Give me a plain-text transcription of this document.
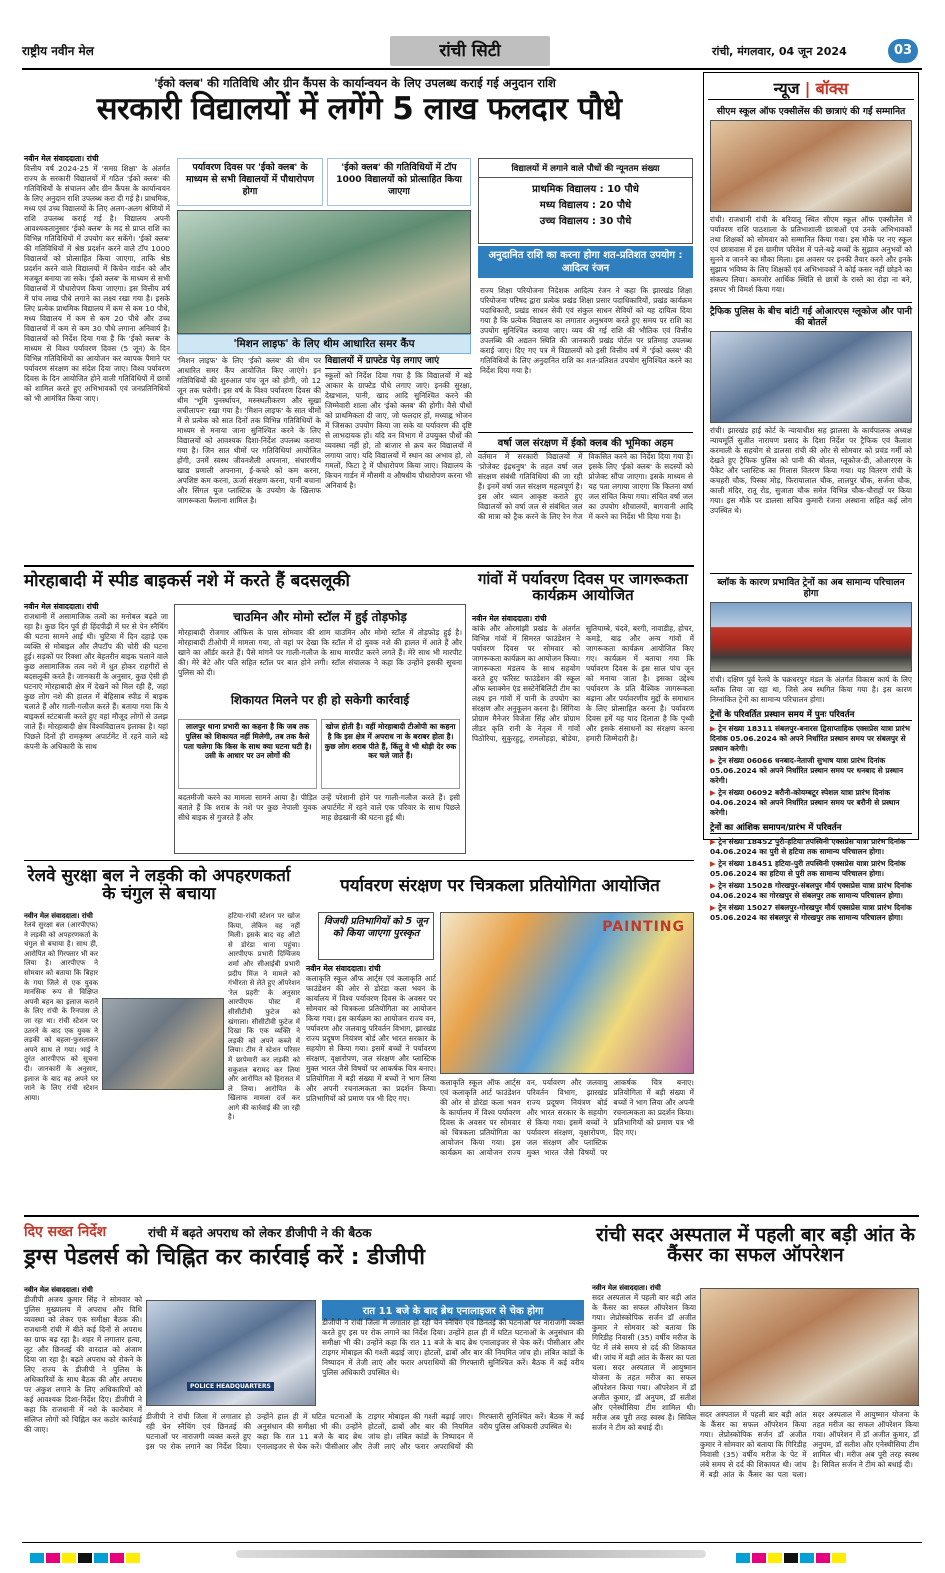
राष्ट्रीय नवीन मेल	रांची सिटी	रांची, मंगलवार, 04 जून 2024	03
'ईको क्लब' की गतिविधि और ग्रीन कैंपस के कार्यान्वयन के लिए उपलब्ध कराई गई अनुदान राशि
सरकारी विद्यालयों में लगेंगे 5 लाख फलदार पौधे
नवीन मेल संवाददाता। रांची
वित्तीय वर्ष 2024-25 में 'समग्र शिक्षा' के अंतर्गत राज्य के सरकारी विद्यालयों में गठित 'ईको क्लब' की गतिविधियों के संचालन और ग्रीन कैंपस के कार्यान्वयन के लिए अनुदान राशि उपलब्ध करा दी गई है। प्राथमिक, मध्य एवं उच्च विद्यालयों के लिए अलग-अलग श्रेणियों में राशि उपलब्ध कराई गई है। विद्यालय अपनी आवश्यकतानुसार 'ईको क्लब' के मद से प्राप्त राशि का विभिन्न गतिविधियों में उपयोग कर सकेंगे। 'ईको क्लब' की गतिविधियों में श्रेष्ठ प्रदर्शन करने वाले टॉप 1000 विद्यालयों को प्रोत्साहित किया जाएगा, ताकि श्रेष्ठ प्रदर्शन करने वाले विद्यालयों में किचेन गार्डन को और मजबूत बनाया जा सके। 'ईको क्लब' के माध्यम से सभी विद्यालयों में पौधारोपण किया जाएगा। इस वित्तीय वर्ष में पांच लाख पौधे लगाने का लक्ष्य रखा गया है। इसके लिए प्रत्येक प्राथमिक विद्यालय में कम से कम 10 पौधे, मध्य विद्यालय में कम से कम 20 पौधे और उच्च विद्यालयों में कम से कम 30 पौधे लगाना अनिवार्य है। विद्यालयों को निर्देश दिया गया है कि 'ईको क्लब' के माध्यम से विश्व पर्यावरण दिवस (5 जून) के दिन विभिन्न गतिविधियों का आयोजन कर व्यापक पैमाने पर पर्यावरण संरक्षण का संदेश दिया जाए। विश्व पर्यावरण दिवस के दिन आयोजित होने वाली गतिविधियों में छात्रों को शामिल करते हुए अभिभावकों एवं जनप्रतिनिधियों को भी आमंत्रित किया जाए।
पर्यावरण दिवस पर 'ईको क्लब' के माध्यम से सभी विद्यालयों में पौधारोपण होगा
'ईको क्लब' की गतिविधियों में टॉप 1000 विद्यालयों को प्रोत्साहित किया जाएगा
'मिशन लाइफ' के लिए थीम आधारित समर कैंप
'मिशन लाइफ' के लिए 'ईको क्लब' की थीम पर आधारित समर कैंप आयोजित किए जाएंगे। इन गतिविधियों की शुरुआत पांच जून को होगी, जो 12 जून तक चलेगी। इस वर्ष के विश्व पर्यावरण दिवस की थीम 'भूमि पुनर्स्थापन, मरुस्थलीकरण और सूखा लचीलापन' रखा गया है। 'मिशन लाइफ' के सात थीमों में से प्रत्येक को सात दिनों तक विभिन्न गतिविधियों के माध्यम से मनाया जाना सुनिश्चित करने के लिए विद्यालयों को आवश्यक दिशा-निर्देश उपलब्ध कराया गया है। जिन सात थीमों पर गतिविधियां आयोजित होंगी, उनमें स्वस्थ जीवनशैली अपनाना, संधारणीय खाद्य प्रणाली अपनाना, ई-कचरे को कम करना, अपशिष्ट कम करना, ऊर्जा संरक्षण करना, पानी बचाना और सिंगल यूज प्लास्टिक के उपयोग के खिलाफ जागरूकता फैलाना शामिल है।
विद्यालयों में ग्राफ्टेड पेड़ लगाए जाएं
स्कूलों को निर्देश दिया गया है कि विद्यालयों में बड़े आकार के ग्राफ्टेड पौधे लगाए जाएं। इनकी सुरक्षा, देखभाल, पानी, खाद आदि सुनिश्चित करने की जिम्मेवारी शाला और 'ईको क्लब' की होगी। वैसे पौधों को प्राथमिकता दी जाए, जो फलदार हों, मध्याह्न भोजन में जिसका उपयोग किया जा सके या पर्यावरण की दृष्टि से लाभदायक हों। यदि वन विभाग में उपयुक्त पौधों की व्यवस्था नहीं हो, तो बाजार से क्रय कर विद्यालयों में लगाया जाए। यदि विद्यालयों में स्थान का अभाव हो, तो गमलों, फिटा ट्रे में पौधारोपण किया जाए। विद्यालय के किचन गार्डन में मौसमी व औषधीय पौधारोपण करना भी अनिवार्य है।
विद्यालयों में लगाने वाले पौधों की न्यूनतम संख्या
प्राथमिक विद्यालय : 10 पौधे
मध्य विद्यालय : 20 पौधे
उच्च विद्यालय : 30 पौधे
अनुदानित राशि का करना होगा शत-प्रतिशत उपयोग : आदित्य रंजन
राज्य शिक्षा परियोजना निदेशक आदित्य रंजन ने कहा कि झारखंड शिक्षा परियोजना परिषद द्वारा प्रत्येक प्रखंड शिक्षा प्रसार पदाधिकारियों, प्रखंड कार्यक्रम पदाधिकारी, प्रखंड साधन सेवी एवं संकुल साधन सेवियों को यह दायित्व दिया गया है कि प्रत्येक विद्यालय का लगातार अनुश्रवण करते हुए समय पर राशि का उपयोग सुनिश्चित कराया जाए। व्यय की गई राशि की भौतिक एवं वित्तीय उपलब्धि की अद्यतन स्थिति की जानकारी प्रखंड पोर्टल पर प्रतिमाह उपलब्ध कराई जाए। दिए गए पत्र में विद्यालयों को इसी वित्तीय वर्ष में 'ईको क्लब' की गतिविधियों के लिए अनुदानित राशि का शत-प्रतिशत उपयोग सुनिश्चित करने का निर्देश दिया गया है।
वर्षा जल संरक्षण में ईको क्लब की भूमिका अहम
वर्तमान में सरकारी विद्यालयों में 'प्रोजेक्ट इंद्रधनुष' के तहत वर्षा जल संरक्षण संबंधी गतिविधियां की जा रही हैं। इनमें वर्षा जल संरक्षण महत्वपूर्ण है। इस ओर ध्यान आकृष्ट कराते हुए विद्यालयों को वर्षा जल से संबंधित जल की मात्रा को ट्रैक करने के लिए रेन गेज विकसित करने का निर्देश दिया गया है। इसके लिए 'ईको क्लब' के सदस्यों को प्रोजेक्ट सौंपा जाएगा। इसके माध्यम से यह पता लगाया जाएगा कि कितना वर्षा जल संचित किया गया। संचित वर्षा जल का उपयोग शौचालयों, बागवानी आदि में करने का निर्देश भी दिया गया है।
न्यूज | बॉक्स
सीएम स्कूल ऑफ एक्सीलेंस की छात्राएं की गईं सम्मानित
रांची। राजधानी रांची के बरियातू स्थित सीएम स्कूल ऑफ एक्सीलेंस में पर्यावरण राशि पाठशाला के प्रतिभाशाली छात्राओं एवं उनके अभिभावकों तथा शिक्षकों को सोमवार को सम्मानित किया गया। इस मौके पर नए स्कूल एवं छात्रावास में इस ग्रामीण परिवेश में पले-बढ़े बच्चों के सुझाव अनुभवों को सुनने व जानने का मौका मिला। इस अवसर पर इनकी तैयार करने और इनके सुझाव भविष्य के लिए शिक्षकों एवं अभिभावकों ने कोई कसर नहीं छोड़ने का संकल्प लिया। कमजोर आर्थिक स्थिति से छात्रों के रास्ते का रोड़ा ना बने, इसपर भी विमर्श किया गया।
ट्रैफिक पुलिस के बीच बांटी गई ओआरएस ग्लूकोज और पानी की बोतलें
रांची। झारखंड हाई कोर्ट के न्यायाधीश सह झालसा के कार्यपालक अध्यक्ष न्यायमूर्ति सुजीत नारायण प्रसाद के दिशा निर्देश पर ट्रैफिक एवं कैलाश करमाली के सहयोग से डालसा रांची की ओर से सोमवार को प्रचंड गर्मी को देखते हुए ट्रैफिक पुलिस को पानी की बोतल, ग्लूकोज-डी, ओआरएस के पैकेट और प्लास्टिक का गिलास वितरण किया गया। यह वितरण रांची के कचहरी चौक, पिस्का मोड़, फिरायालाल चौक, लालपुर चौक, सर्जना चौक, काली मंदिर, रातू रोड, सुजाता चौक समेत विभिन्न चौक-चौराहों पर किया गया। इस मौके पर डालसा सचिव कुमारी रंजना अस्थाना सहित कई लोग उपस्थित थे।
ब्लॉक के कारण प्रभावित ट्रेनों का अब सामान्य परिचालन होगा
रांची। दक्षिण पूर्व रेलवे के चक्रधरपुर मंडल के अंतर्गत विकास कार्य के लिए ब्लॉक लिया जा रहा था, जिसे अब स्थगित किया गया है। इस कारण निम्नांकित ट्रेनों का सामान्य परिचालन होगा।
ट्रेनों के परिवर्तित प्रस्थान समय में पुनः परिवर्तन
▶ ट्रेन संख्या 18311 संबलपुर-बनारस द्विसाप्ताहिक एक्सप्रेस यात्रा प्रारंभ दिनांक 05.06.2024 को अपने निर्धारित प्रस्थान समय पर संबलपुर से प्रस्थान करेगी।
▶ ट्रेन संख्या 06066 धनबाद-नेताजी सुभाष यात्रा प्रारंभ दिनांक 05.06.2024 को अपने निर्धारित प्रस्थान समय पर धनबाद से प्रस्थान करेगी।
▶ ट्रेन संख्या 06092 बरौनी-कोयम्बटूर स्पेशल यात्रा प्रारंभ दिनांक 04.06.2024 को अपने निर्धारित प्रस्थान समय पर बरौनी से प्रस्थान करेगी।
ट्रेनों का आंशिक समापन/प्रारंभ में परिवर्तन
▶ ट्रेन संख्या 18452 पुरी-हटिया तपस्विनी एक्सप्रेस यात्रा प्रारंभ दिनांक 04.06.2024 का पुरी से हटिया तक सामान्य परिचालन होगा।
▶ ट्रेन संख्या 18451 हटिया-पुरी तपस्विनी एक्सप्रेस यात्रा प्रारंभ दिनांक 05.06.2024 का हटिया से पुरी तक सामान्य परिचालन होगा।
▶ ट्रेन संख्या 15028 गोरखपुर-संबलपुर मौर्य एक्सप्रेस यात्रा प्रारंभ दिनांक 04.06.2024 का गोरखपुर से संबलपुर तक सामान्य परिचालन होगा।
▶ ट्रेन संख्या 15027 संबलपुर-गोरखपुर मौर्य एक्सप्रेस यात्रा प्रारंभ दिनांक 05.06.2024 का संबलपुर से गोरखपुर तक सामान्य परिचालन होगा।
मोरहाबादी में स्पीड बाइकर्स नशे में करते हैं बदसलूकी
नवीन मेल संवाददाता। रांची
राजधानी में असामाजिक तत्वों का मनोबल बढ़ते जा रहा है। कुछ दिन पूर्व ही हिंदपीढ़ी में घर से पेन स्नैचिंग की घटना सामने आई थी। चुटिया में दिन दहाड़े एक व्यक्ति से मोबाइल और लैपटॉप की चोरी की घटना हुई। सड़कों पर रिक्शा और बेहतरीन बाइक चलाने वाले कुछ असामाजिक तत्व नशे में धुत होकर राहगीरों से बदसलूकी करते हैं। जानकारी के अनुसार, कुछ ऐसी ही घटनाएं मोरहाबादी क्षेत्र में देखने को मिल रही हैं, जहां कुछ लोग नशे की हालत में बेहिसाब स्पीड में बाइक चलाते हैं और गाली-गलौज करते हैं। बताया गया कि ये बाइकर्स स्टंटबाजी करते हुए वहां मौजूद लोगों से उलझ जाते हैं। मोरहाबादी क्षेत्र विश्वविद्यालय इलाका है। यहां पिछले दिनों ही रामकृष्ण अपार्टमेंट में रहने वाले बड़े कंपनी के अधिकारी के साथ
चाउमिन और मोमो स्टॉल में हुई तोड़फोड़
मोरहाबादी रोजगार ऑफिस के पास सोमवार की शाम चाउमिन और मोमो स्टॉल में तोड़फोड़ हुई है। मोरहाबादी टीओपी में मामला गया, तो वहां पर देखा कि स्टॉल में दो युवक नशे की हालत में आते हैं और खाने का ऑर्डर करते हैं। पैसे मांगने पर गाली-गलौज के साथ मारपीट करने लगते हैं। मेरे साथ भी मारपीट की। मेरे बेटे और पति सहित स्टॉल पर बात होने लगी। स्टॉल संचालक ने कहा कि उन्होंने इसकी सूचना पुलिस को दी।
शिकायत मिलने पर ही हो सकेगी कार्रवाई
लालपुर थाना प्रभारी का कहना है कि जब तक पुलिस को शिकायत नहीं मिलेगी, तब तक कैसे पता चलेगा कि किस के साथ क्या घटना घटी है। उसी के आधार पर उन लोगों की
खोज होती है। वहीं मोरहाबादी टीओपी का कहना है कि इस क्षेत्र में अपराध ना के बराबर होता है। कुछ लोग शराब पीते हैं, किंतु वे भी थोड़ी देर रुक कर चले जाते हैं।
बदतमीजी करने का मामला सामने आया है। पीड़ित बताते हैं कि शराब के नशे पर कुछ नेपाली युवक सीधे बाइक से गुजरते हैं और
उन्हें परेशानी होने पर गाली-गलौज करते हैं। इसी अपार्टमेंट में रहने वाले एक परिवार के साथ पिछले माह छेड़खानी की घटना हुई थी।
गांवों में पर्यावरण दिवस पर जागरूकता कार्यक्रम आयोजित
नवीन मेल संवाददाता। रांची
कांके और ओरमांझी प्रखंड के अंतर्गत विभिन्न गांवों में सिमरत फाउंडेशन ने पर्यावरण दिवस पर सोमवार को जागरूकता कार्यक्रम का आयोजन किया। जागरूकता मंडलय के साथ सहयोग करते हुए फॉरेस्ट फाउंडेशन की स्कूल ऑफ ब्लाक्मेन एंड सस्टेनेबिलिटी टीम का लक्ष्य इन गांवों में पानी के उपयोग का संरक्षण और अनुकूलन करना है। सिंगिया प्रोग्राम मैनेजर विजेता सिंह और प्रोग्राम लीडर कृति रानी के नेतृत्व में गांवों पिठोरिया, सुकुरहुटू, रामलोहड़ा, बोडेया, सुतियाम्बे, चंदवे, बरगी, नावाडीह, होचर, कमड़े, बाढ़ और अन्य गांवों में जागरूकता कार्यक्रम आयोजित किए गए। कार्यक्रम में बताया गया कि पर्यावरण दिवस के इस साल पांच जून को मनाया जाता है। इसका उद्देश्य पर्यावरण के प्रति वैश्विक जागरूकता बढ़ाना और पर्यावरणीय मुद्दों के समाधान के लिए प्रोत्साहित करना है। पर्यावरण दिवस हमें यह याद दिलाता है कि पृथ्वी और इसके संसाधनों का संरक्षण करना हमारी जिम्मेदारी है।
रेलवे सुरक्षा बल ने लड़की को अपहरणकर्ता के चंगुल से बचाया
नवीन मेल संवाददाता। रांची
रेलवे सुरक्षा बल (आरपीएफ) ने लड़की को अपहरणकर्ता के चंगुल से बचाया है। साथ ही, आरोपित को गिरफ्तार भी कर लिया है। आरपीएफ ने सोमवार को बताया कि बिहार के गया जिले से एक युवक मानसिक रूप से विक्षिप्त अपनी बहन का इलाज कराने के लिए रांची के रिनपास ले जा रहा था। रांची स्टेशन पर उतरने के बाद एक युवक ने लड़की को बहला-फुसलाकर अपने साथ ले गया। भाई ने तुरंत आरपीएफ को सूचना दी। जानकारी के अनुसार, इलाज के बाद वह अपने घर जाने के लिए रांची स्टेशन आया।
हटिया-रांची स्टेशन पर खोज किया, लेकिन वह नहीं मिली। इसके बाद वह ऑटो से डोरंडा थाना पहुंचा। आरपीएफ प्रभारी दिग्विजय शर्मा और सीआईबी प्रभारी प्रदीप मिंज ने मामले को गंभीरता से लेते हुए ऑपरेशन 'रेल प्रहरी' के अनुसार आरपीएफ पोस्ट में सीसीटीवी फुटेज को खंगाला। सीसीटीवी फुटेज में दिखा कि एक व्यक्ति ने लड़की को अपने कब्जे में लिया। टीम ने स्टेशन परिसर में छापेमारी कर लड़की को सकुशल बरामद कर लिया और आरोपित को हिरासत में ले लिया। आरोपित के खिलाफ मामला दर्ज कर आगे की कार्रवाई की जा रही है।
पर्यावरण संरक्षण पर चित्रकला प्रतियोगिता आयोजित
विजयी प्रतिभागियों को 5 जून को किया जाएगा पुरस्कृत	PAINTING
नवीन मेल संवाददाता। रांची
कलाकृति स्कूल ऑफ आर्ट्स एवं कलाकृति आर्ट फाउंडेशन की ओर से डोरंडा कला भवन के कार्यालय में विश्व पर्यावरण दिवस के अवसर पर सोमवार को चित्रकला प्रतियोगिता का आयोजन किया गया। इस कार्यक्रम का आयोजन राज्य वन, पर्यावरण और जलवायु परिवर्तन विभाग, झारखंड राज्य प्रदूषण नियंत्रण बोर्ड और भारत सरकार के सहयोग से किया गया। इसमें बच्चों ने पर्यावरण संरक्षण, वृक्षारोपण, जल संरक्षण और प्लास्टिक मुक्त भारत जैसे विषयों पर आकर्षक चित्र बनाए। प्रतियोगिता में बड़ी संख्या में बच्चों ने भाग लिया और अपनी रचनात्मकता का प्रदर्शन किया। प्रतिभागियों को प्रमाण पत्र भी दिए गए।
कलाकृति स्कूल ऑफ आर्ट्स एवं कलाकृति आर्ट फाउंडेशन की ओर से डोरंडा कला भवन के कार्यालय में विश्व पर्यावरण दिवस के अवसर पर सोमवार को चित्रकला प्रतियोगिता का आयोजन किया गया। इस कार्यक्रम का आयोजन राज्य वन, पर्यावरण और जलवायु परिवर्तन विभाग, झारखंड राज्य प्रदूषण नियंत्रण बोर्ड और भारत सरकार के सहयोग से किया गया। इसमें बच्चों ने पर्यावरण संरक्षण, वृक्षारोपण, जल संरक्षण और प्लास्टिक मुक्त भारत जैसे विषयों पर आकर्षक चित्र बनाए। प्रतियोगिता में बड़ी संख्या में बच्चों ने भाग लिया और अपनी रचनात्मकता का प्रदर्शन किया। प्रतिभागियों को प्रमाण पत्र भी दिए गए।
दिए सख्त निर्देश	रांची में बढ़ते अपराध को लेकर डीजीपी ने की बैठक
ड्रग्स पेडलर्स को चिह्नित कर कार्रवाई करें : डीजीपी
नवीन मेल संवाददाता। रांची
डीजीपी अजय कुमार सिंह ने सोमवार को पुलिस मुख्यालय में अपराध और विधि व्यवस्था को लेकर एक समीक्षा बैठक की। राजधानी रांची में बीते कई दिनों से अपराध का ग्राफ बढ़ रहा है। शहर में लगातार हत्या, लूट और छिनतई की वारदात को अंजाम दिया जा रहा है। बढ़ते अपराध को रोकने के लिए राज्य के डीजीपी ने पुलिस के अधिकारियों के साथ बैठक की और अपराध पर अंकुश लगाने के लिए अधिकारियों को कई आवश्यक दिशा-निर्देश दिए। डीजीपी ने कहा कि राजधानी में नशे के कारोबार में संलिप्त लोगों को चिह्नित कर कठोर कार्रवाई की जाए।
POLICE HEADQUARTERS
रात 11 बजे के बाद ब्रेथ एनालाइजर से चेक होगा
डीजीपी ने रांची जिला में लगातार हो रही चेन स्नैचिंग एवं छिनतई की घटनाओं पर नाराजगी व्यक्त करते हुए इस पर रोक लगाने का निर्देश दिया। उन्होंने हाल ही में घटित घटनाओं के अनुसंधान की समीक्षा भी की। उन्होंने कहा कि रात 11 बजे के बाद ब्रेथ एनालाइजर से चेक करें। पीसीआर और टाइगर मोबाइल की गश्ती बढ़ाई जाए। होटलों, ढाबों और बार की नियमित जांच हो। लंबित कांडों के निष्पादन में तेजी लाएं और फरार अपराधियों की गिरफ्तारी सुनिश्चित करें। बैठक में कई वरीय पुलिस अधिकारी उपस्थित थे।
डीजीपी ने रांची जिला में लगातार हो रही चेन स्नैचिंग एवं छिनतई की घटनाओं पर नाराजगी व्यक्त करते हुए इस पर रोक लगाने का निर्देश दिया। उन्होंने हाल ही में घटित घटनाओं के अनुसंधान की समीक्षा भी की। उन्होंने कहा कि रात 11 बजे के बाद ब्रेथ एनालाइजर से चेक करें। पीसीआर और टाइगर मोबाइल की गश्ती बढ़ाई जाए। होटलों, ढाबों और बार की नियमित जांच हो। लंबित कांडों के निष्पादन में तेजी लाएं और फरार अपराधियों की गिरफ्तारी सुनिश्चित करें। बैठक में कई वरीय पुलिस अधिकारी उपस्थित थे।
रांची सदर अस्पताल में पहली बार बड़ी आंत के कैंसर का सफल ऑपरेशन
नवीन मेल संवाददाता। रांची
सदर अस्पताल में पहली बार बड़ी आंत के कैंसर का सफल ऑपरेशन किया गया। लेप्रोस्कोपिक सर्जन डॉ अजीत कुमार ने सोमवार को बताया कि गिरिडीह निवासी (35) वर्षीय मरीज के पेट में लंबे समय से दर्द की शिकायत थी। जांच में बड़ी आंत के कैंसर का पता चला। सदर अस्पताल में आयुष्मान योजना के तहत मरीज का सफल ऑपरेशन किया गया। ऑपरेशन में डॉ अजीत कुमार, डॉ अनुपम, डॉ सतीश और एनेस्थीसिया टीम शामिल थी। मरीज अब पूरी तरह स्वस्थ है। सिविल सर्जन ने टीम को बधाई दी।
सदर अस्पताल में पहली बार बड़ी आंत के कैंसर का सफल ऑपरेशन किया गया। लेप्रोस्कोपिक सर्जन डॉ अजीत कुमार ने सोमवार को बताया कि गिरिडीह निवासी (35) वर्षीय मरीज के पेट में लंबे समय से दर्द की शिकायत थी। जांच में बड़ी आंत के कैंसर का पता चला। सदर अस्पताल में आयुष्मान योजना के तहत मरीज का सफल ऑपरेशन किया गया। ऑपरेशन में डॉ अजीत कुमार, डॉ अनुपम, डॉ सतीश और एनेस्थीसिया टीम शामिल थी। मरीज अब पूरी तरह स्वस्थ है। सिविल सर्जन ने टीम को बधाई दी।
